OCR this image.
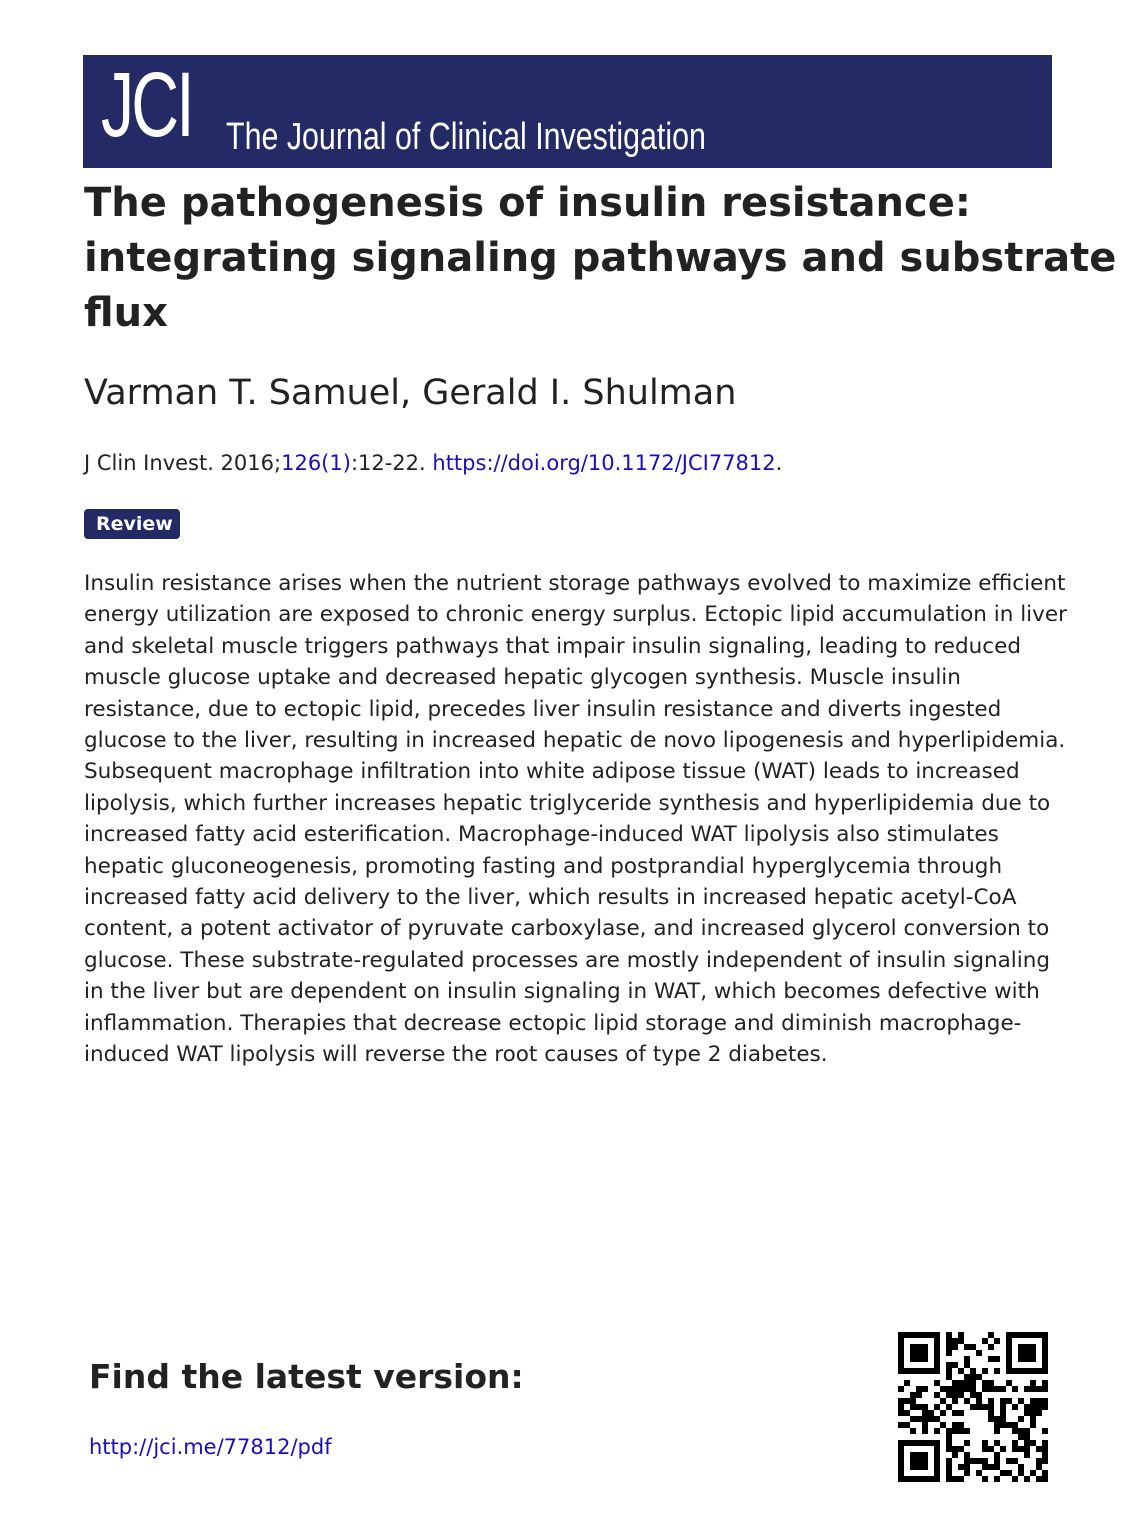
JCI The Journal of Clinical Investigation
The pathogenesis of insulin resistance:
integrating signaling pathways and substrate
flux
Varman T. Samuel, Gerald I. Shulman
J Clin Invest. 2016;126(1):12-22. https://doi.org/10.1172/JCI77812.
Review
Insulin resistance arises when the nutrient storage pathways evolved to maximize efficient
energy utilization are exposed to chronic energy surplus. Ectopic lipid accumulation in liver
and skeletal muscle triggers pathways that impair insulin signaling, leading to reduced
muscle glucose uptake and decreased hepatic glycogen synthesis. Muscle insulin
resistance, due to ectopic lipid, precedes liver insulin resistance and diverts ingested
glucose to the liver, resulting in increased hepatic de novo lipogenesis and hyperlipidemia.
Subsequent macrophage infiltration into white adipose tissue (WAT) leads to increased
lipolysis, which further increases hepatic triglyceride synthesis and hyperlipidemia due to
increased fatty acid esterification. Macrophage-induced WAT lipolysis also stimulates
hepatic gluconeogenesis, promoting fasting and postprandial hyperglycemia through
increased fatty acid delivery to the liver, which results in increased hepatic acetyl-CoA
content, a potent activator of pyruvate carboxylase, and increased glycerol conversion to
glucose. These substrate-regulated processes are mostly independent of insulin signaling
in the liver but are dependent on insulin signaling in WAT, which becomes defective with
inflammation. Therapies that decrease ectopic lipid storage and diminish macrophage-
induced WAT lipolysis will reverse the root causes of type 2 diabetes.
Find the latest version:
http://jci.me/77812/pdf
